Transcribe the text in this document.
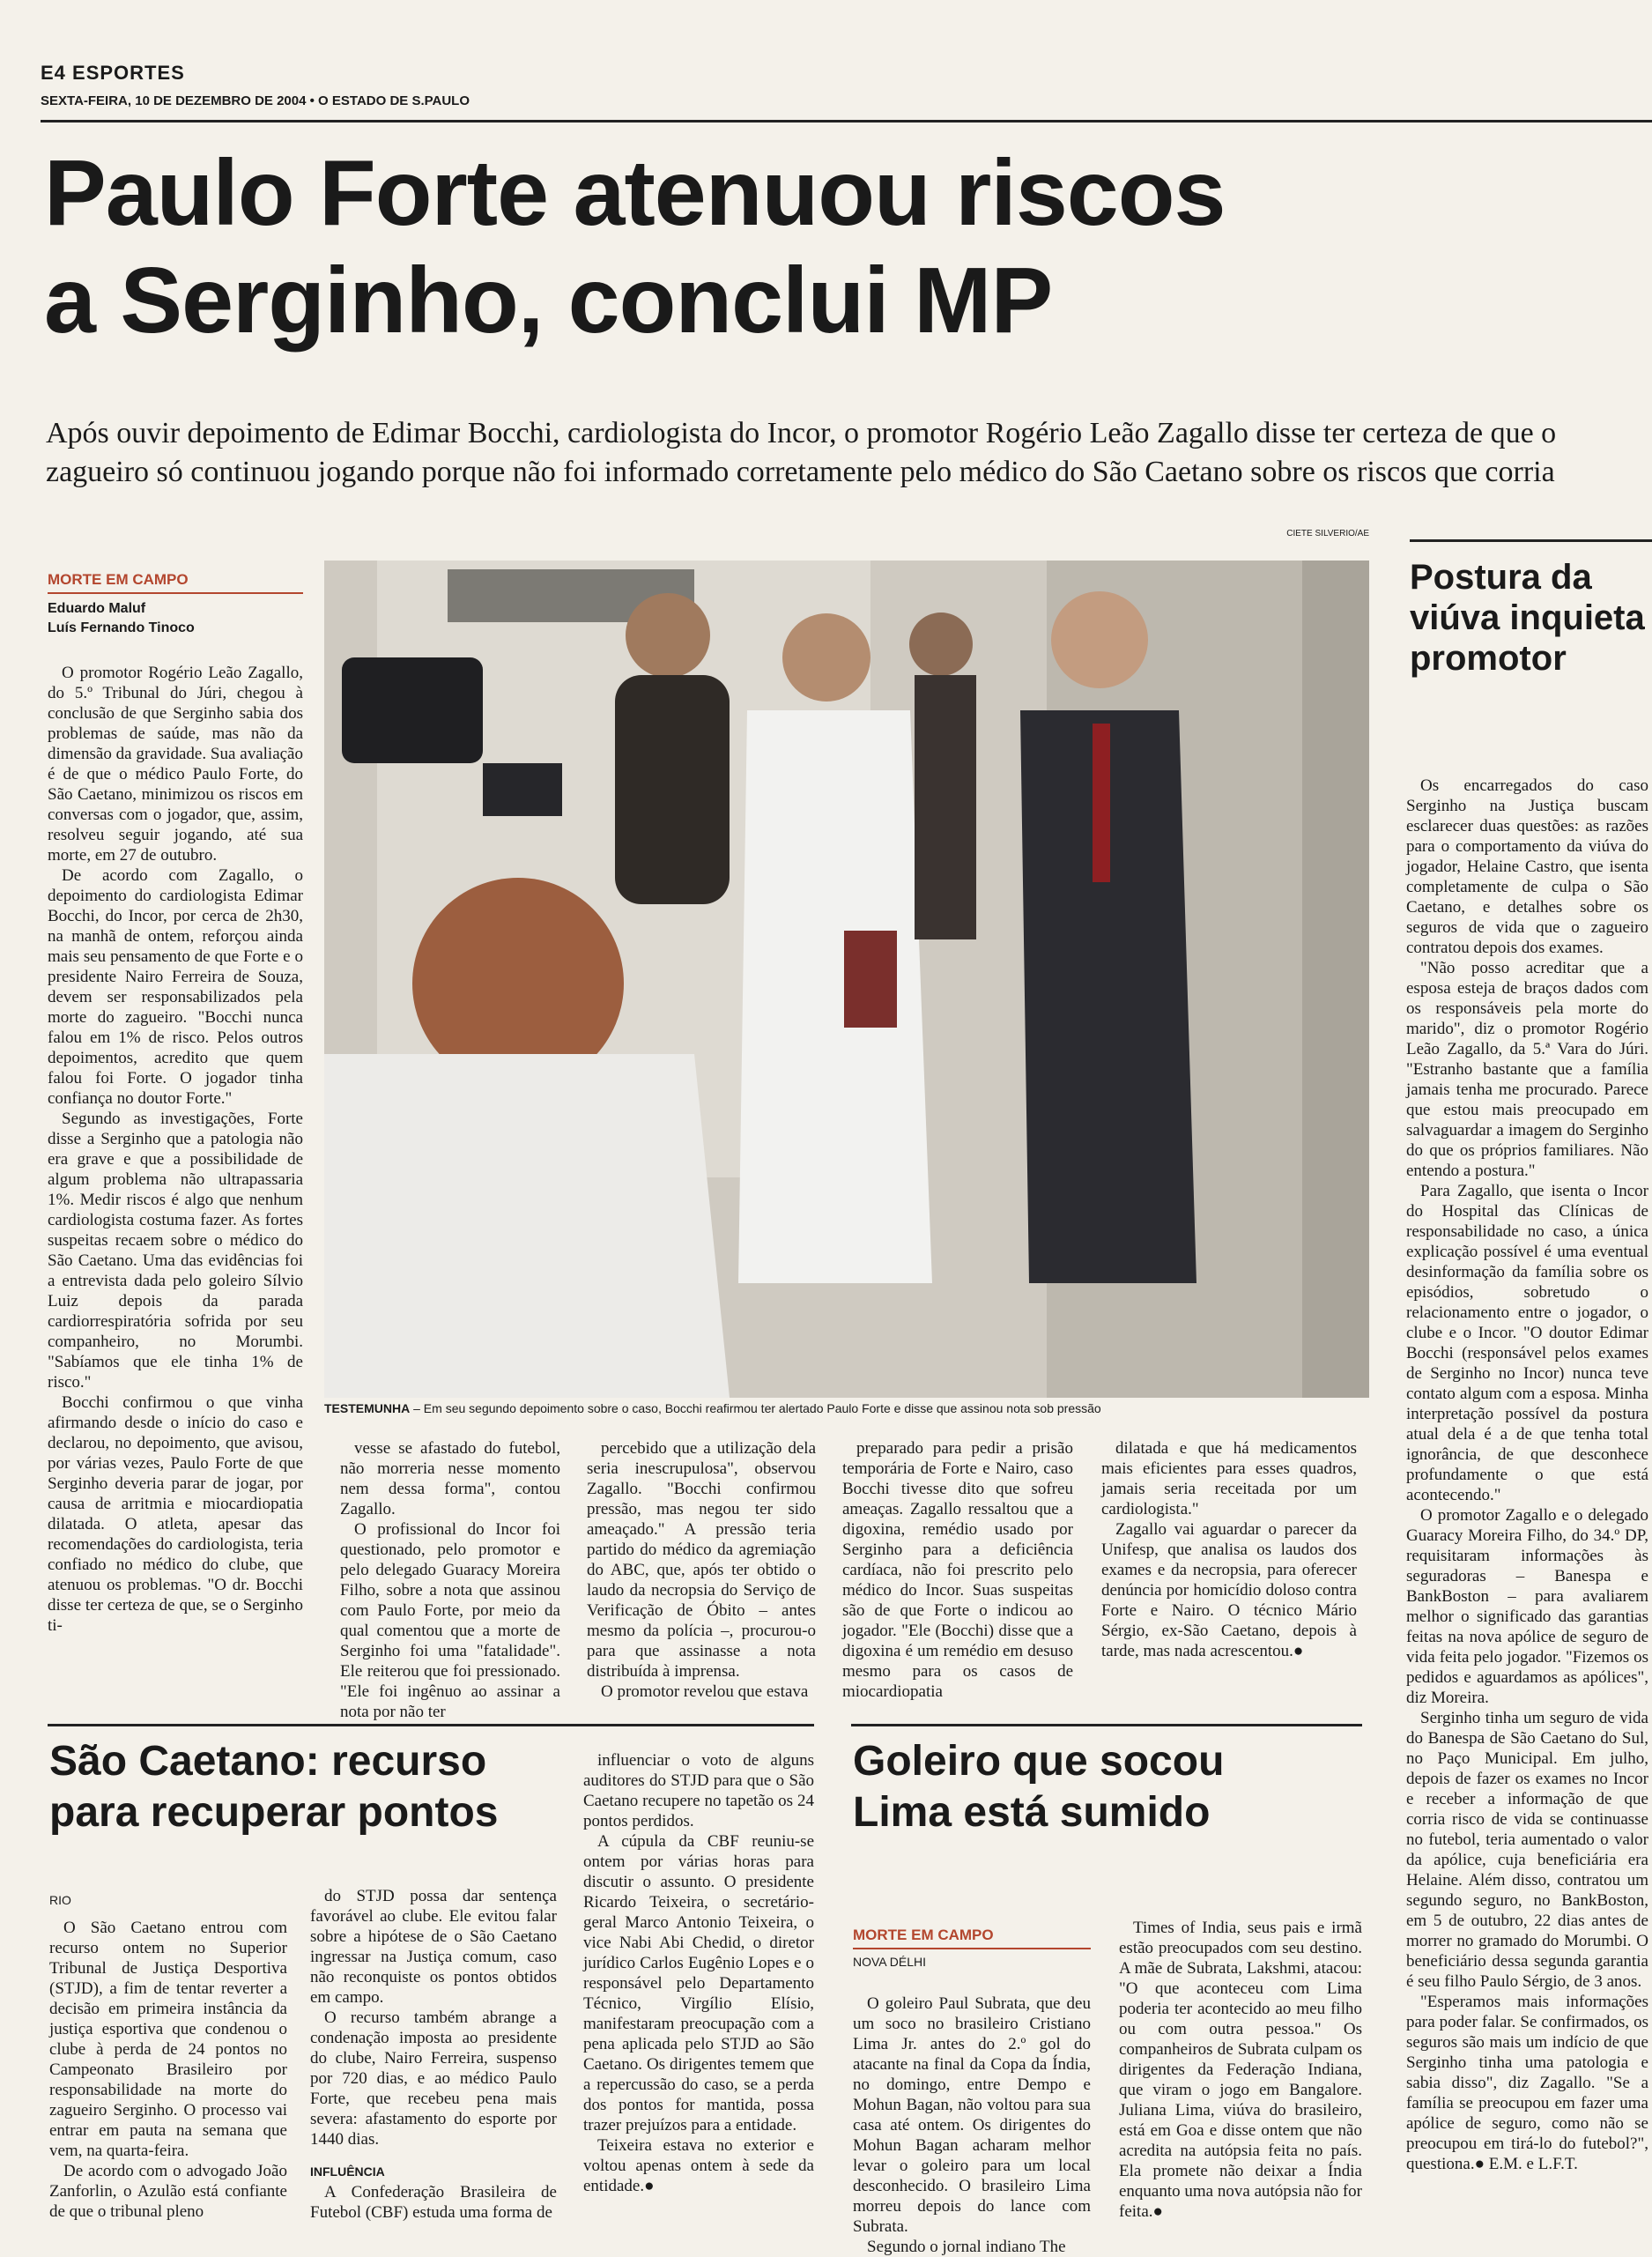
E4 ESPORTES
SEXTA-FEIRA, 10 DE DEZEMBRO DE 2004 • O ESTADO DE S.PAULO
Paulo Forte atenuou riscos
a Serginho, conclui MP
Após ouvir depoimento de Edimar Bocchi, cardiologista do Incor, o promotor Rogério Leão Zagallo disse ter certeza de que o zagueiro só continuou jogando porque não foi informado corretamente pelo médico do São Caetano sobre os riscos que corria
CIETE SILVERIO/AE
MORTE EM CAMPO
Eduardo Maluf
Luís Fernando Tinoco

O promotor Rogério Leão Zagallo, do 5.º Tribunal do Júri, chegou à conclusão de que Serginho sabia dos problemas de saúde, mas não da dimensão da gravidade. Sua avaliação é de que o médico Paulo Forte, do São Caetano, minimizou os riscos em conversas com o jogador, que, assim, resolveu seguir jogando, até sua morte, em 27 de outubro.

De acordo com Zagallo, o depoimento do cardiologista Edimar Bocchi, do Incor, por cerca de 2h30, na manhã de ontem, reforçou ainda mais seu pensamento de que Forte e o presidente Nairo Ferreira de Souza, devem ser responsabilizados pela morte do zagueiro. "Bocchi nunca falou em 1% de risco. Pelos outros depoimentos, acredito que quem falou foi Forte. O jogador tinha confiança no doutor Forte."

Segundo as investigações, Forte disse a Serginho que a patologia não era grave e que a possibilidade de algum problema não ultrapassaria 1%. Medir riscos é algo que nenhum cardiologista costuma fazer. As fortes suspeitas recaem sobre o médico do São Caetano. Uma das evidências foi a entrevista dada pelo goleiro Sílvio Luiz depois da parada cardiorrespiratória sofrida por seu companheiro, no Morumbi. "Sabíamos que ele tinha 1% de risco."

Bocchi confirmou o que vinha afirmando desde o início do caso e declarou, no depoimento, que avisou, por várias vezes, Paulo Forte de que Serginho deveria parar de jogar, por causa de arritmia e miocardiopatia dilatada. O atleta, apesar das recomendações do cardiologista, teria confiado no médico do clube, que atenuou os problemas. "O dr. Bocchi disse ter certeza de que, se o Serginho ti-

TESTEMUNHA – Em seu segundo depoimento sobre o caso, Bocchi reafirmou ter alertado Paulo Forte e disse que assinou nota sob pressão

vesse se afastado do futebol, não morreria nesse momento nem dessa forma", contou Zagallo.

O profissional do Incor foi questionado, pelo promotor e pelo delegado Guaracy Moreira Filho, sobre a nota que assinou com Paulo Forte, por meio da qual comentou que a morte de Serginho foi uma "fatalidade". Ele reiterou que foi pressionado. "Ele foi ingênuo ao assinar a nota por não ter

percebido que a utilização dela seria inescrupulosa", observou Zagallo. "Bocchi confirmou pressão, mas negou ter sido ameaçado." A pressão teria partido do médico da agremiação do ABC, que, após ter obtido o laudo da necropsia do Serviço de Verificação de Óbito – antes mesmo da polícia –, procurou-o para que assinasse a nota distribuída à imprensa.

O promotor revelou que estava

preparado para pedir a prisão temporária de Forte e Nairo, caso Bocchi tivesse dito que sofreu ameaças. Zagallo ressaltou que a digoxina, remédio usado por Serginho para a deficiência cardíaca, não foi prescrito pelo médico do Incor. Suas suspeitas são de que Forte o indicou ao jogador. "Ele (Bocchi) disse que a digoxina é um remédio em desuso mesmo para os casos de miocardiopatia

dilatada e que há medicamentos mais eficientes para esses quadros, jamais seria receitada por um cardiologista."

Zagallo vai aguardar o parecer da Unifesp, que analisa os laudos dos exames e da necropsia, para oferecer denúncia por homicídio doloso contra Forte e Nairo. O técnico Mário Sérgio, ex-São Caetano, depois à tarde, mas nada acrescentou.●

Postura da viúva inquieta promotor

Os encarregados do caso Serginho na Justiça buscam esclarecer duas questões: as razões para o comportamento da viúva do jogador, Helaine Castro, que isenta completamente de culpa o São Caetano, e detalhes sobre os seguros de vida que o zagueiro contratou depois dos exames.

"Não posso acreditar que a esposa esteja de braços dados com os responsáveis pela morte do marido", diz o promotor Rogério Leão Zagallo, da 5.ª Vara do Júri. "Estranho bastante que a família jamais tenha me procurado. Parece que estou mais preocupado em salvaguardar a imagem do Serginho do que os próprios familiares. Não entendo a postura."

Para Zagallo, que isenta o Incor do Hospital das Clínicas de responsabilidade no caso, a única explicação possível é uma eventual desinformação da família sobre os episódios, sobretudo o relacionamento entre o jogador, o clube e o Incor. "O doutor Edimar Bocchi (responsável pelos exames de Serginho no Incor) nunca teve contato algum com a esposa. Minha interpretação possível da postura atual dela é a de que tenha total ignorância, de que desconhece profundamente o que está acontecendo."

O promotor Zagallo e o delegado Guaracy Moreira Filho, do 34.º DP, requisitaram informações às seguradoras – Banespa e BankBoston – para avaliarem melhor o significado das garantias feitas na nova apólice de seguro de vida feita pelo jogador. "Fizemos os pedidos e aguardamos as apólices", diz Moreira.

Serginho tinha um seguro de vida do Banespa de São Caetano do Sul, no Paço Municipal. Em julho, depois de fazer os exames no Incor e receber a informação de que corria risco de vida se continuasse no futebol, teria aumentado o valor da apólice, cuja beneficiária era Helaine. Além disso, contratou um segundo seguro, no BankBoston, em 5 de outubro, 22 dias antes de morrer no gramado do Morumbi. O beneficiário dessa segunda garantia é seu filho Paulo Sérgio, de 3 anos.

"Esperamos mais informações para poder falar. Se confirmados, os seguros são mais um indício de que Serginho tinha uma patologia e sabia disso", diz Zagallo. "Se a família se preocupou em fazer uma apólice de seguro, como não se preocupou em tirá-lo do futebol?", questiona.● E.M. e L.F.T.

São Caetano: recurso para recuperar pontos
RIO

O São Caetano entrou com recurso ontem no Superior Tribunal de Justiça Desportiva (STJD), a fim de tentar reverter a decisão em primeira instância da justiça esportiva que condenou o clube à perda de 24 pontos no Campeonato Brasileiro por responsabilidade na morte do zagueiro Serginho. O processo vai entrar em pauta na semana que vem, na quarta-feira.

De acordo com o advogado João Zanforlin, o Azulão está confiante de que o tribunal pleno

do STJD possa dar sentença favorável ao clube. Ele evitou falar sobre a hipótese de o São Caetano ingressar na Justiça comum, caso não reconquiste os pontos obtidos em campo.

O recurso também abrange a condenação imposta ao presidente do clube, Nairo Ferreira, suspenso por 720 dias, e ao médico Paulo Forte, que recebeu pena mais severa: afastamento do esporte por 1440 dias.

INFLUÊNCIA

A Confederação Brasileira de Futebol (CBF) estuda uma forma de

influenciar o voto de alguns auditores do STJD para que o São Caetano recupere no tapetão os 24 pontos perdidos.

A cúpula da CBF reuniu-se ontem por várias horas para discutir o assunto. O presidente Ricardo Teixeira, o secretário-geral Marco Antonio Teixeira, o vice Nabi Abi Chedid, o diretor jurídico Carlos Eugênio Lopes e o responsável pelo Departamento Técnico, Virgílio Elísio, manifestaram preocupação com a pena aplicada pelo STJD ao São Caetano. Os dirigentes temem que a repercussão do caso, se a perda dos pontos for mantida, possa trazer prejuízos para a entidade.

Teixeira estava no exterior e voltou apenas ontem à sede da entidade.●

Goleiro que socou Lima está sumido
MORTE EM CAMPO
NOVA DÉLHI

O goleiro Paul Subrata, que deu um soco no brasileiro Cristiano Lima Jr. antes do 2.º gol do atacante na final da Copa da Índia, no domingo, entre Dempo e Mohun Bagan, não voltou para sua casa até ontem. Os dirigentes do Mohun Bagan acharam melhor levar o goleiro para um local desconhecido. O brasileiro Lima morreu depois do lance com Subrata.

Segundo o jornal indiano The

Times of India, seus pais e irmã estão preocupados com seu destino. A mãe de Subrata, Lakshmi, atacou: "O que aconteceu com Lima poderia ter acontecido ao meu filho ou com outra pessoa." Os companheiros de Subrata culpam os dirigentes da Federação Indiana, que viram o jogo em Bangalore. Juliana Lima, viúva do brasileiro, está em Goa e disse ontem que não acredita na autópsia feita no país. Ela promete não deixar a Índia enquanto uma nova autópsia não for feita.●
